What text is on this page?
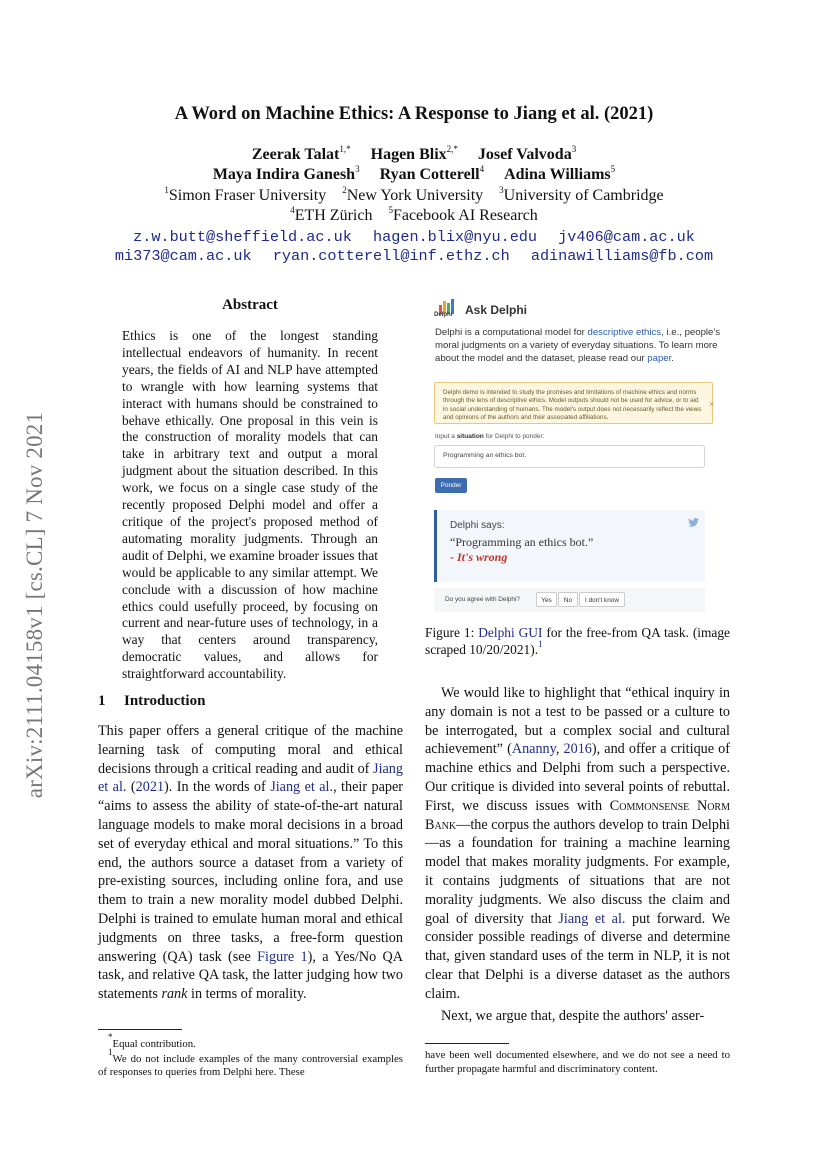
arXiv:2111.04158v1 [cs.CL] 7 Nov 2021
A Word on Machine Ethics: A Response to Jiang et al. (2021)
Zeerak Talat$^{1,*}$ Hagen Blix$^{2,*}$ Josef Valvoda$^3$
Maya Indira Ganesh$^3$ Ryan Cotterell$^4$ Adina Williams$^5$
$^1$Simon Fraser University $^2$New York University $^3$University of Cambridge
$^4$ETH Zürich $^5$Facebook AI Research
z.w.butt@sheffield.ac.uk hagen.blix@nyu.edu jv406@cam.ac.uk
mi373@cam.ac.uk ryan.cotterell@inf.ethz.ch adinawilliams@fb.com
Abstract
Ethics is one of the longest standing intellectual endeavors of humanity. In recent years, the fields of AI and NLP have attempted to wrangle with how learning systems that interact with humans should be constrained to behave ethically. One proposal in this vein is the construction of morality models that can take in arbitrary text and output a moral judgment about the situation described. In this work, we focus on a single case study of the recently proposed Delphi model and offer a critique of the project's proposed method of automating morality judgments. Through an audit of Delphi, we examine broader issues that would be applicable to any similar attempt. We conclude with a discussion of how machine ethics could usefully proceed, by focusing on current and near-future uses of technology, in a way that centers around transparency, democratic values, and allows for straightforward accountability.
Delphi Ask Delphi
Delphi is a computational model for descriptive ethics, i.e., people's moral judgments on a variety of everyday situations. To learn more about the model and the dataset, please read our paper.
Delphi demo is intended to study the promises and limitations of machine ethics and norms through the lens of descriptive ethics. Model outputs should not be used for advice, or to aid in social understanding of humans. The model's output does not necessarily reflect the views and opinions of the authors and their associated affiliations.
×
Input a situation for Delphi to ponder:
Programming an ethics bot.
Ponder
Delphi says:
“Programming an ethics bot.”
- It's wrong
Do you agree with Delphi?	Yes	No	I don't know
Figure 1: Delphi GUI for the free-from QA task. (image scraped 10/20/2021).$^1$
1 Introduction
This paper offers a general critique of the machine learning task of computing moral and ethical decisions through a critical reading and audit of Jiang et al. (2021). In the words of Jiang et al., their paper “aims to assess the ability of state-of-the-art natural language models to make moral decisions in a broad set of everyday ethical and moral situations.” To this end, the authors source a dataset from a variety of pre-existing sources, including online fora, and use them to train a new morality model dubbed Delphi. Delphi is trained to emulate human moral and ethical judgments on three tasks, a free-form question answering (QA) task (see Figure 1), a Yes/No QA task, and relative QA task, the latter judging how two statements rank in terms of morality.

We would like to highlight that “ethical inquiry in any domain is not a test to be passed or a culture to be interrogated, but a complex social and cultural achievement” (Ananny, 2016), and offer a critique of machine ethics and Delphi from such a perspective. Our critique is divided into several points of rebuttal. First, we discuss issues with Commonsense Norm Bank—the corpus the authors develop to train Delphi—as a foundation for training a machine learning model that makes morality judgments. For example, it contains judgments of situations that are not morality judgments. We also discuss the claim and goal of diversity that Jiang et al. put forward. We consider possible readings of diverse and determine that, given standard uses of the term in NLP, it is not clear that Delphi is a diverse dataset as the authors claim.

Next, we argue that, despite the authors' asser-

*Equal contribution.

$^1$We do not include examples of the many controversial examples of responses to queries from Delphi here. These

have been well documented elsewhere, and we do not see a need to further propagate harmful and discriminatory content.
